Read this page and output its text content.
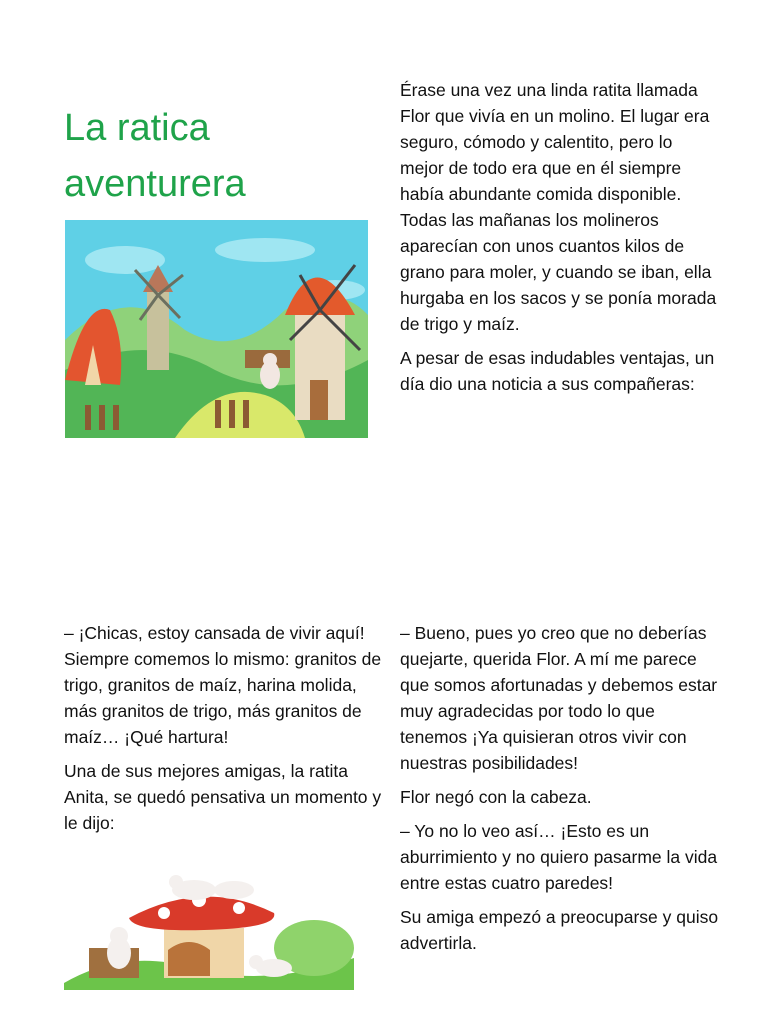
La ratica
aventurera

Érase una vez una linda ratita llamada Flor que vivía en un molino. El lugar era seguro, cómodo y calentito, pero lo mejor de todo era que en él siempre había abundante comida disponible. Todas las mañanas los molineros aparecían con unos cuantos kilos de grano para moler, y cuando se iban, ella hurgaba en los sacos y se ponía morada de trigo y maíz.

A pesar de esas indudables ventajas, un día dio una noticia a sus compañeras:

– ¡Chicas, estoy cansada de vivir aquí! Siempre comemos lo mismo: granitos de trigo, granitos de maíz, harina molida, más granitos de trigo, más granitos de maíz… ¡Qué hartura!

Una de sus mejores amigas, la ratita Anita, se quedó pensativa un momento y le dijo:

– Bueno, pues yo creo que no deberías quejarte, querida Flor. A mí me parece que somos afortunadas y debemos estar muy agradecidas por todo lo que tenemos ¡Ya quisieran otros vivir con nuestras posibilidades!

Flor negó con la cabeza.

– Yo no lo veo así… ¡Esto es un aburrimiento y no quiero pasarme la vida entre estas cuatro paredes!

Su amiga empezó a preocuparse y quiso advertirla.
